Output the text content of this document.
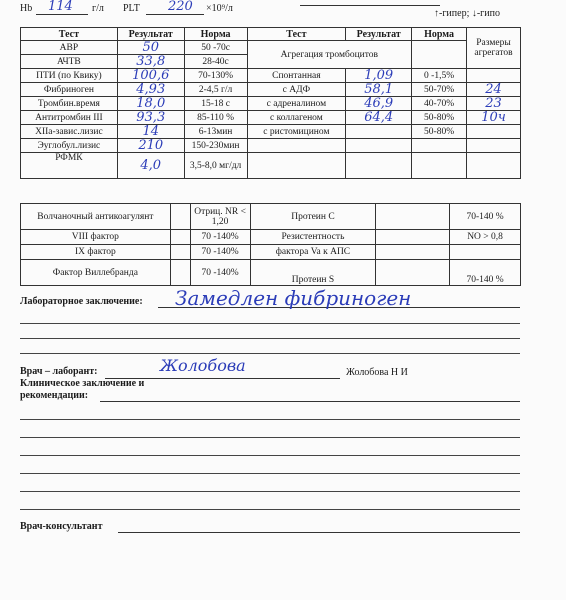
Hb 114 г/л PLT 220 ×10⁹/л	↑-гипер; ↓-гипо
Тест	Результат	Норма	Тест	Результат	Норма	Размеры агрегатов
АВР	50	50 -70с	Агрегация тромбоцитов			
АЧТВ	33,8	28-40с				
ПТИ (по Квику)	100,6	70-130%	Спонтанная	1,09	0 -1,5%	
Фибриноген	4,93	2-4,5 г/л	с АДФ	58,1	50-70%	24
Тромбин.время	18,0	15-18 с	с адреналином	46,9	40-70%	23
Антитромбин III	93,3	85-110 %	с коллагеном	64,4	50-80%	10ч
XIIа-завис.лизис	14	6-13мин	с ристомицином		50-80%	
Эуглобул.лизис	210	150-230мин				
РФМК	4,0	3,5-8,0 мг/дл				
Волчаночный антикоагулянт		Отриц. NR < 1,20	Протеин С		70-140 %
VIII фактор		70 -140%	Резистентность		NO > 0,8
IX фактор		70 -140%	фактора Va к АПС		
Фактор Виллебранда		70 -140%	Протеин S		70-140 %
Лабораторное заключение: Замедлен фибриноген
Врач – лаборант:	Жолобова	Жолобова Н И
Клиническое заключение и
рекомендации:
Врач-консультант
